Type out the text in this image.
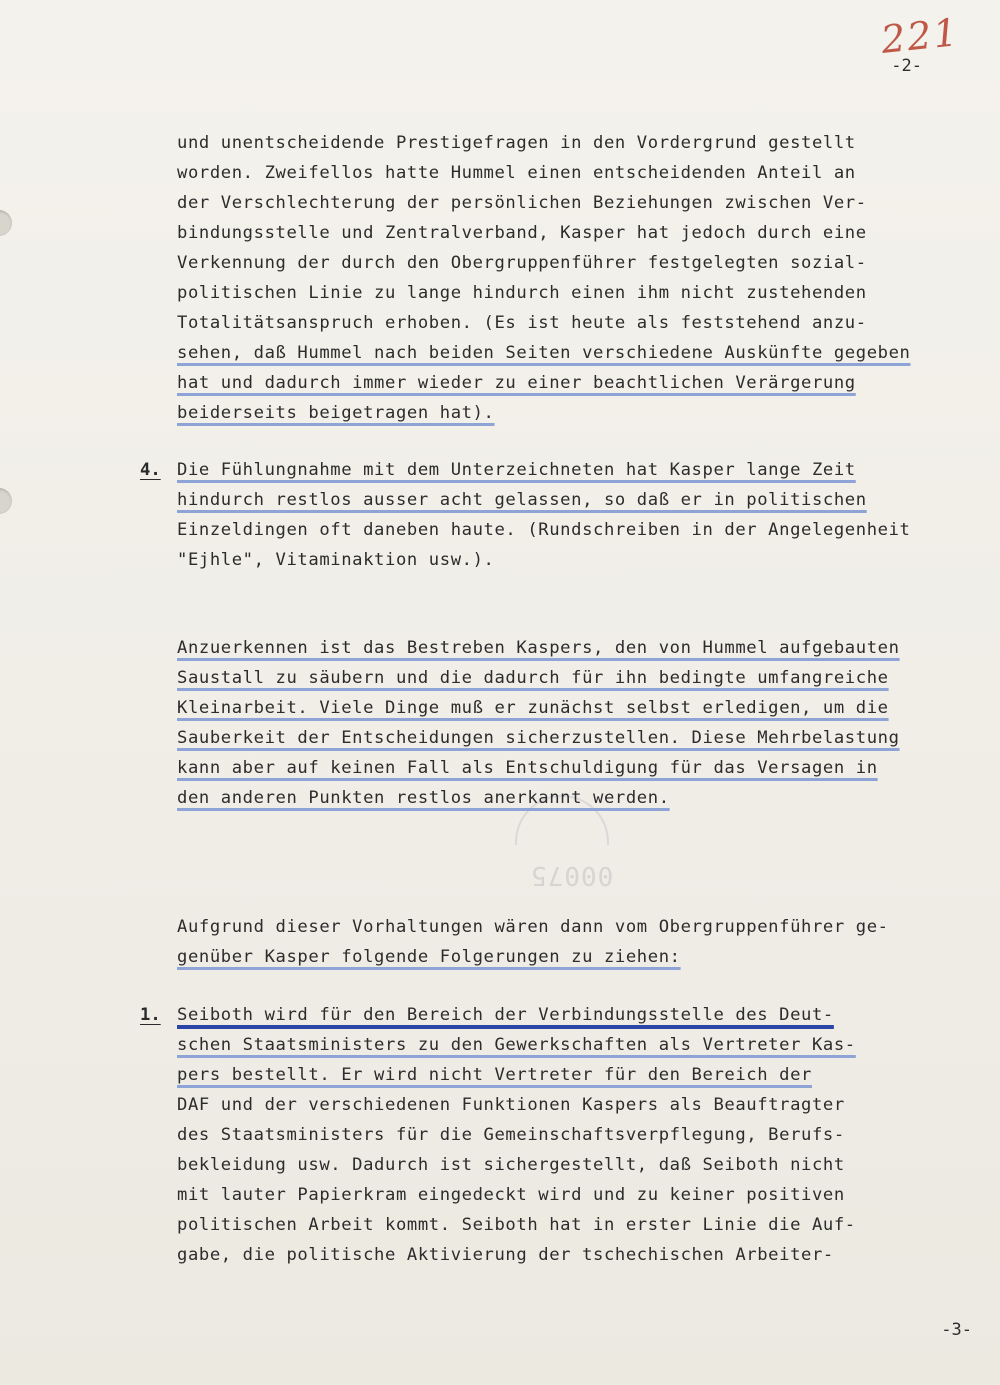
221
-2-
00075
und unentscheidende Prestigefragen in den Vordergrund gestellt
worden. Zweifellos hatte Hummel einen entscheidenden Anteil an
der Verschlechterung der persönlichen Beziehungen zwischen Ver-
bindungsstelle und Zentralverband, Kasper hat jedoch durch eine
Verkennung der durch den Obergruppenführer festgelegten sozial-
politischen Linie zu lange hindurch einen ihm nicht zustehenden
Totalitätsanspruch erhoben. (Es ist heute als feststehend anzu-
sehen, daß Hummel nach beiden Seiten verschiedene Auskünfte gegeben
hat und dadurch immer wieder zu einer beachtlichen Verärgerung
beiderseits beigetragen hat).
4. Die Fühlungnahme mit dem Unterzeichneten hat Kasper lange Zeit
hindurch restlos ausser acht gelassen, so daß er in politischen
Einzeldingen oft daneben haute. (Rundschreiben in der Angelegenheit
"Ejhle", Vitaminaktion usw.).
Anzuerkennen ist das Bestreben Kaspers, den von Hummel aufgebauten
Saustall zu säubern und die dadurch für ihn bedingte umfangreiche
Kleinarbeit. Viele Dinge muß er zunächst selbst erledigen, um die
Sauberkeit der Entscheidungen sicherzustellen. Diese Mehrbelastung
kann aber auf keinen Fall als Entschuldigung für das Versagen in
den anderen Punkten restlos anerkannt werden.
Aufgrund dieser Vorhaltungen wären dann vom Obergruppenführer ge-
genüber Kasper folgende Folgerungen zu ziehen:
1. Seiboth wird für den Bereich der Verbindungsstelle des Deut-
schen Staatsministers zu den Gewerkschaften als Vertreter Kas-
pers bestellt. Er wird nicht Vertreter für den Bereich der
DAF und der verschiedenen Funktionen Kaspers als Beauftragter
des Staatsministers für die Gemeinschaftsverpflegung, Berufs-
bekleidung usw. Dadurch ist sichergestellt, daß Seiboth nicht
mit lauter Papierkram eingedeckt wird und zu keiner positiven
politischen Arbeit kommt. Seiboth hat in erster Linie die Auf-
gabe, die politische Aktivierung der tschechischen Arbeiter-
-3-
